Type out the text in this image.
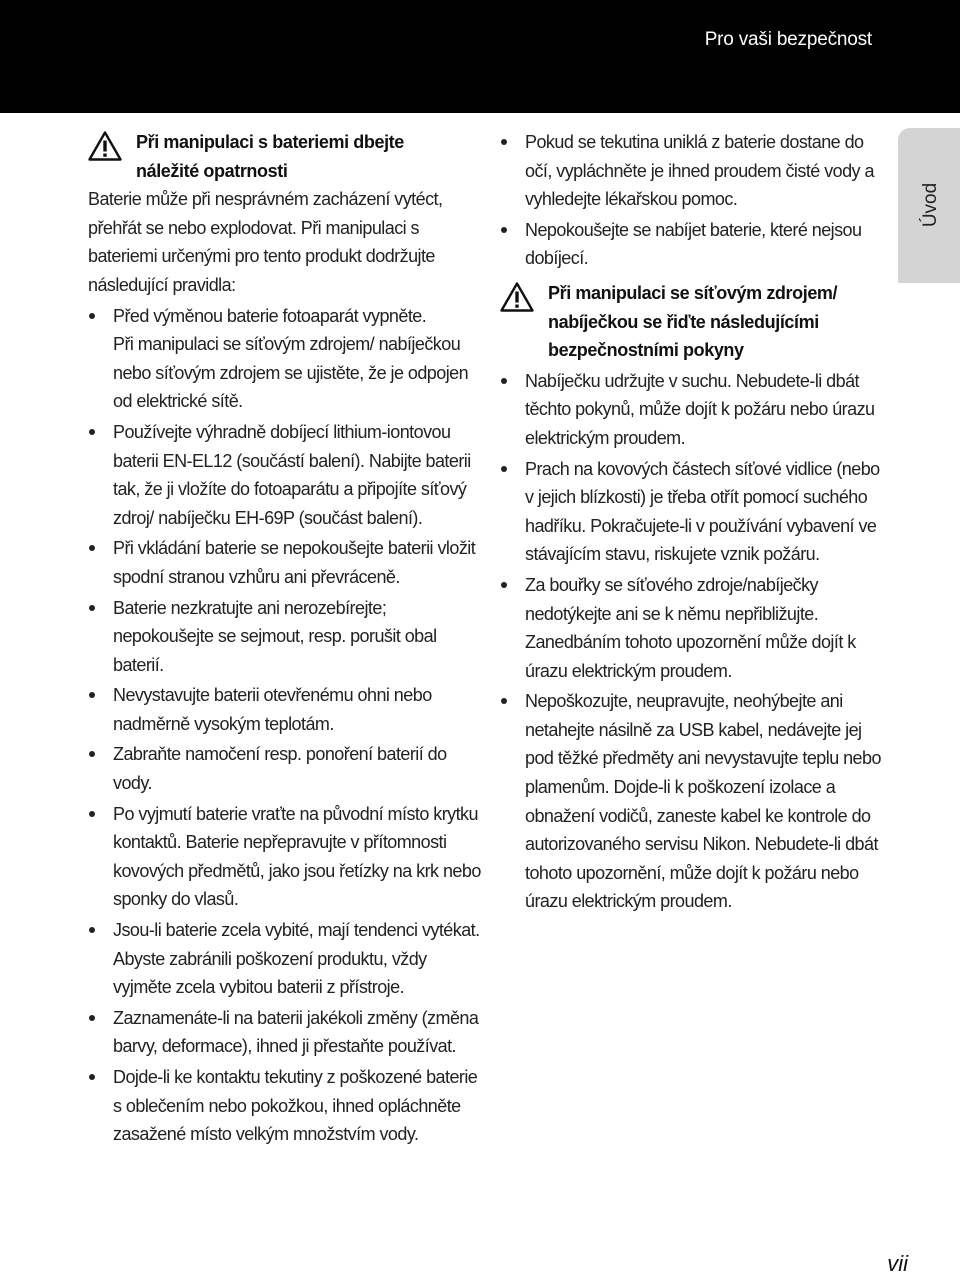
Pro vaši bezpečnost

Při manipulaci s bateriemi dbejte

náležité opatrnosti

Baterie může při nesprávném zacházení vytéct, přehřát se nebo explodovat. Při manipulaci s bateriemi určenými pro tento produkt dodržujte následující pravidla:

Před výměnou baterie fotoaparát vypněte.
Při manipulaci se síťovým zdrojem/ nabíječkou nebo síťovým zdrojem se ujistěte, že je odpojen od elektrické sítě.
Používejte výhradně dobíjecí lithium-iontovou baterii EN-EL12 (součástí balení). Nabijte baterii tak, že ji vložíte do fotoaparátu a připojíte síťový zdroj/ nabíječku EH-69P (součást balení).
Při vkládání baterie se nepokoušejte baterii vložit spodní stranou vzhůru ani převráceně.
Baterie nezkratujte ani nerozebírejte; nepokoušejte se sejmout, resp. porušit obal baterií.
Nevystavujte baterii otevřenému ohni nebo nadměrně vysokým teplotám.
Zabraňte namočení resp. ponoření baterií do vody.
Po vyjmutí baterie vraťte na původní místo krytku kontaktů. Baterie nepřepravujte v přítomnosti kovových předmětů, jako jsou řetízky na krk nebo sponky do vlasů.
Jsou-li baterie zcela vybité, mají tendenci vytékat. Abyste zabránili poškození produktu, vždy vyjměte zcela vybitou baterii z přístroje.
Zaznamenáte-li na baterii jakékoli změny (změna barvy, deformace), ihned ji přestaňte používat.
Dojde-li ke kontaktu tekutiny z poškozené baterie s oblečením nebo pokožkou, ihned opláchněte zasažené místo velkým množstvím vody.
Pokud se tekutina uniklá z baterie dostane do očí, vypláchněte je ihned proudem čisté vody a vyhledejte lékařskou pomoc.
Nepokoušejte se nabíjet baterie, které nejsou dobíjecí.

Při manipulaci se síťovým zdrojem/

nabíječkou se řiďte následujícími

bezpečnostními pokyny

Nabíječku udržujte v suchu. Nebudete-li dbát těchto pokynů, může dojít k požáru nebo úrazu elektrickým proudem.
Prach na kovových částech síťové vidlice (nebo v jejich blízkosti) je třeba otřít pomocí suchého hadříku. Pokračujete-li v používání vybavení ve stávajícím stavu, riskujete vznik požáru.
Za bouřky se síťového zdroje/nabíječky nedotýkejte ani se k němu nepřibližujte. Zanedbáním tohoto upozornění může dojít k úrazu elektrickým proudem.
Nepoškozujte, neupravujte, neohýbejte ani netahejte násilně za USB kabel, nedávejte jej pod těžké předměty ani nevystavujte teplu nebo plamenům. Dojde-li k poškození izolace a obnažení vodičů, zaneste kabel ke kontrole do autorizovaného servisu Nikon. Nebudete-li dbát tohoto upozornění, může dojít k požáru nebo úrazu elektrickým proudem.
Úvod
vii
